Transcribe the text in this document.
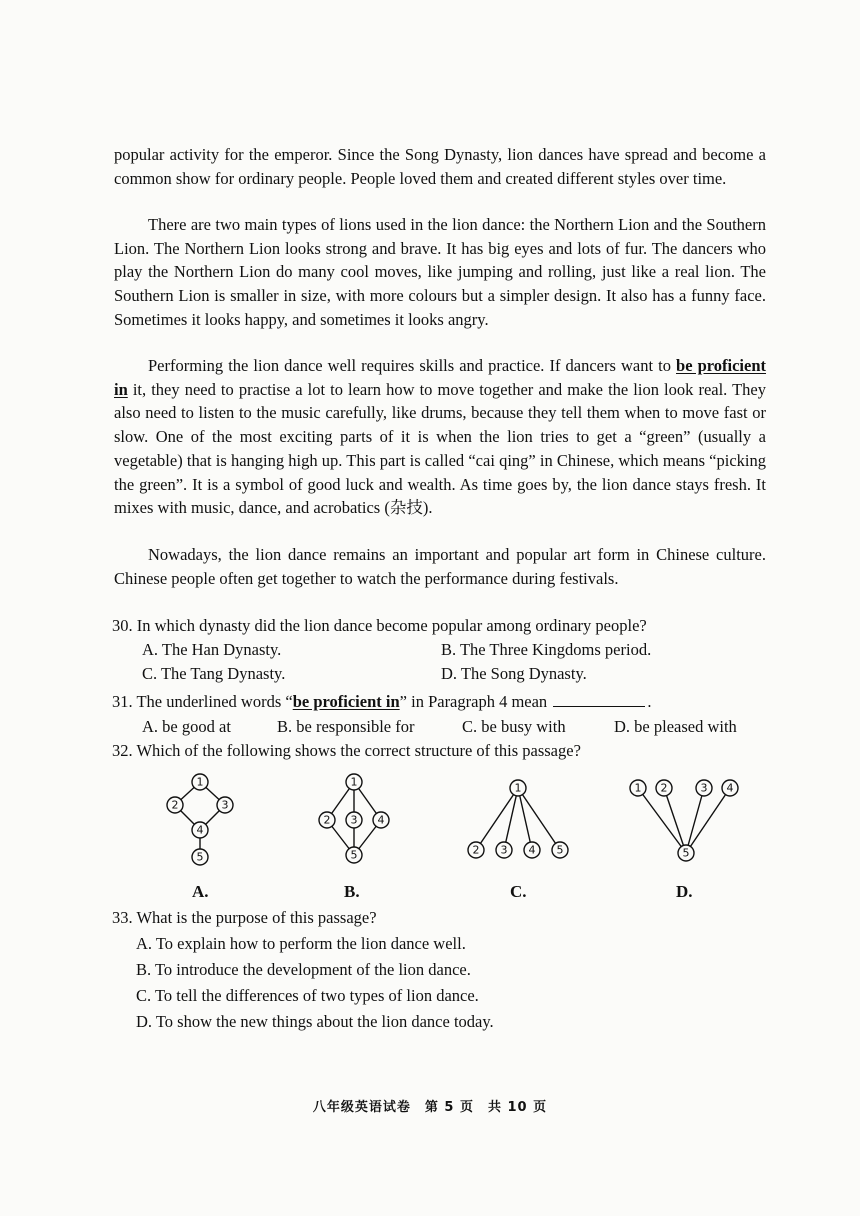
popular activity for the emperor. Since the Song Dynasty, lion dances have spread and become a common show for ordinary people. People loved them and created different styles over time.

There are two main types of lions used in the lion dance: the Northern Lion and the Southern Lion. The Northern Lion looks strong and brave. It has big eyes and lots of fur. The dancers who play the Northern Lion do many cool moves, like jumping and rolling, just like a real lion. The Southern Lion is smaller in size, with more colours but a simpler design. It also has a funny face. Sometimes it looks happy, and sometimes it looks angry.

Performing the lion dance well requires skills and practice. If dancers want to be proficient in it, they need to practise a lot to learn how to move together and make the lion look real. They also need to listen to the music carefully, like drums, because they tell them when to move fast or slow. One of the most exciting parts of it is when the lion tries to get a “green” (usually a vegetable) that is hanging high up. This part is called “cai qing” in Chinese, which means “picking the green”. It is a symbol of good luck and wealth. As time goes by, the lion dance stays fresh. It mixes with music, dance, and acrobatics (杂技).

Nowadays, the lion dance remains an important and popular art form in Chinese culture. Chinese people often get together to watch the performance during festivals.

30. In which dynasty did the lion dance become popular among ordinary people?

A. The Han Dynasty.	B. The Three Kingdoms period.
C. The Tang Dynasty.	D. The Song Dynasty.

31. The underlined words “be proficient in” in Paragraph 4 mean	.

A. be good at	B. be responsible for	C. be busy with	D. be pleased with

32. Which of the following shows the correct structure of this passage?

1
2	3
4
5
1
2 3 4
5
1
2 3 4 5
1 2	3 4
5
A.	B.	C.	D.

33. What is the purpose of this passage?

A. To explain how to perform the lion dance well.
B. To introduce the development of the lion dance.
C. To tell the differences of two types of lion dance.
D. To show the new things about the lion dance today.
八年级英语试卷　第 5 页　共 10 页
